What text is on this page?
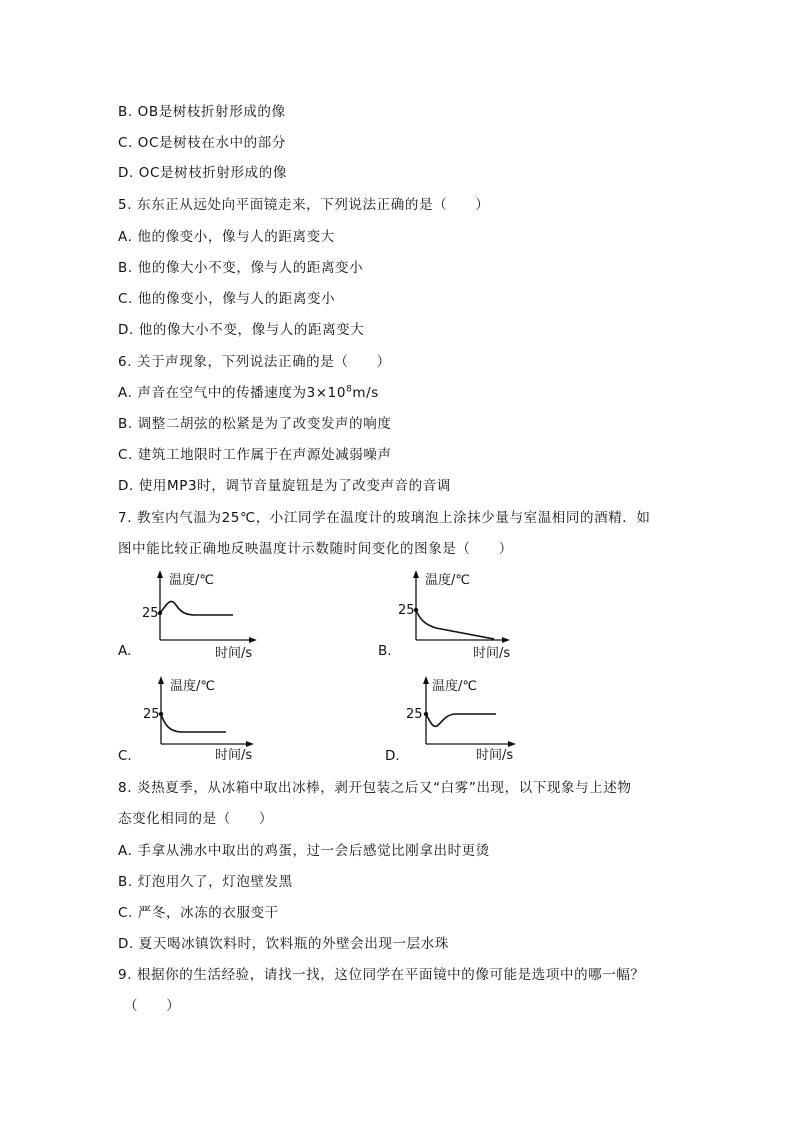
B. OB是树枝折射形成的像
C. OC是树枝在水中的部分
D. OC是树枝折射形成的像
5. 东东正从远处向平面镜走来，下列说法正确的是（　　）
A. 他的像变小，像与人的距离变大
B. 他的像大小不变，像与人的距离变小
C. 他的像变小，像与人的距离变小
D. 他的像大小不变，像与人的距离变大
6. 关于声现象，下列说法正确的是（　　）
A. 声音在空气中的传播速度为$3\times 10^8m/s$
B. 调整二胡弦的松紧是为了改变发声的响度
C. 建筑工地限时工作属于在声源处减弱噪声
D. 使用MP3时，调节音量旋钮是为了改变声音的音调
7. 教室内气温为25℃，小江同学在温度计的玻璃泡上涂抹少量与室温相同的酒精．如
图中能比较正确地反映温度计示数随时间变化的图象是（　　）
温度/℃
25
时间/s
A.
温度/℃
25
时间/s
B.
温度/℃
25
时间/s
C.
温度/℃
25
时间/s
D.
8. 炎热夏季，从冰箱中取出冰棒，剥开包装之后又“白雾”出现，以下现象与上述物
态变化相同的是（　　）
A. 手拿从沸水中取出的鸡蛋，过一会后感觉比刚拿出时更烫
B. 灯泡用久了，灯泡壁发黑
C. 严冬，冰冻的衣服变干
D. 夏天喝冰镇饮料时，饮料瓶的外壁会出现一层水珠
9. 根据你的生活经验，请找一找，这位同学在平面镜中的像可能是选项中的哪一幅？
（　　）
